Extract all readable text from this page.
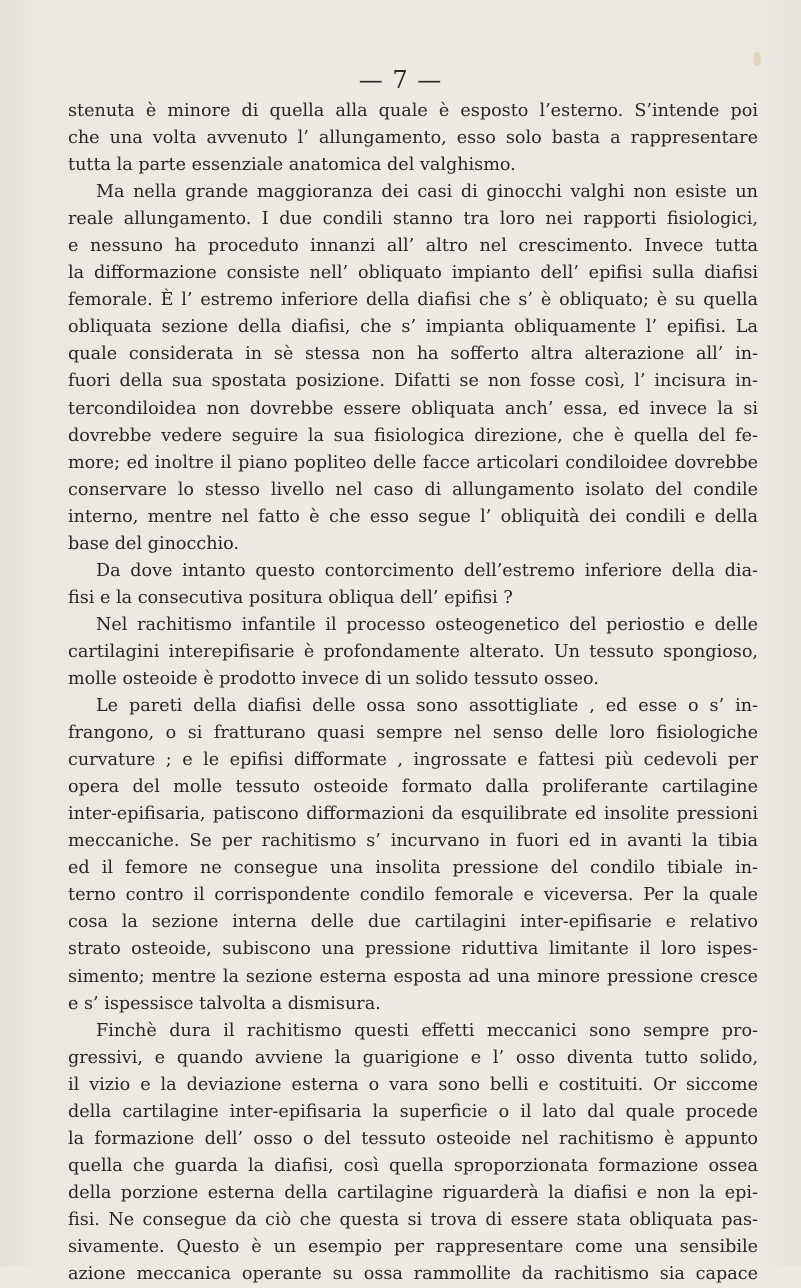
— 7 —

stenuta è minore di quella alla quale è esposto l’esterno. S’intende poi

che una volta avvenuto l’ allungamento, esso solo basta a rappresentare

tutta la parte essenziale anatomica del valghismo.

Ma nella grande maggioranza dei casi di ginocchi valghi non esiste un

reale allungamento. I due condili stanno tra loro nei rapporti fisiologici,

e nessuno ha proceduto innanzi all’ altro nel crescimento. Invece tutta

la difformazione consiste nell’ obliquato impianto dell’ epifisi sulla diafisi

femorale. È l’ estremo inferiore della diafisi che s’ è obliquato; è su quella

obliquata sezione della diafisi, che s’ impianta obliquamente l’ epifisi. La

quale considerata in sè stessa non ha sofferto altra alterazione all’ in-

fuori della sua spostata posizione. Difatti se non fosse così, l’ incisura in-

tercondiloidea non dovrebbe essere obliquata anch’ essa, ed invece la si

dovrebbe vedere seguire la sua fisiologica direzione, che è quella del fe-

more; ed inoltre il piano popliteo delle facce articolari condiloidee dovrebbe

conservare lo stesso livello nel caso di allungamento isolato del condile

interno, mentre nel fatto è che esso segue l’ obliquità dei condili e della

base del ginocchio.

Da dove intanto questo contorcimento dell’estremo inferiore della dia-

fisi e la consecutiva positura obliqua dell’ epifisi ?

Nel rachitismo infantile il processo osteogenetico del periostio e delle

cartilagini interepifisarie è profondamente alterato. Un tessuto spongioso,

molle osteoide è prodotto invece di un solido tessuto osseo.

Le pareti della diafisi delle ossa sono assottigliate , ed esse o s’ in-

frangono, o si fratturano quasi sempre nel senso delle loro fisiologiche

curvature ; e le epifisi difformate , ingrossate e fattesi più cedevoli per

opera del molle tessuto osteoide formato dalla proliferante cartilagine

inter-epifisaria, patiscono difformazioni da esquilibrate ed insolite pressioni

meccaniche. Se per rachitismo s’ incurvano in fuori ed in avanti la tibia

ed il femore ne consegue una insolita pressione del condilo tibiale in-

terno contro il corrispondente condilo femorale e viceversa. Per la quale

cosa la sezione interna delle due cartilagini inter-epifisarie e relativo

strato osteoide, subiscono una pressione riduttiva limitante il loro ispes-

simento; mentre la sezione esterna esposta ad una minore pressione cresce

e s’ ispessisce talvolta a dismisura.

Finchè dura il rachitismo questi effetti meccanici sono sempre pro-

gressivi, e quando avviene la guarigione e l’ osso diventa tutto solido,

il vizio e la deviazione esterna o vara sono belli e costituiti. Or siccome

della cartilagine inter-epifisaria la superficie o il lato dal quale procede

la formazione dell’ osso o del tessuto osteoide nel rachitismo è appunto

quella che guarda la diafisi, così quella sproporzionata formazione ossea

della porzione esterna della cartilagine riguarderà la diafisi e non la epi-

fisi. Ne consegue da ciò che questa si trova di essere stata obliquata pas-

sivamente. Questo è un esempio per rappresentare come una sensibile

azione meccanica operante su ossa rammollite da rachitismo sia capace
